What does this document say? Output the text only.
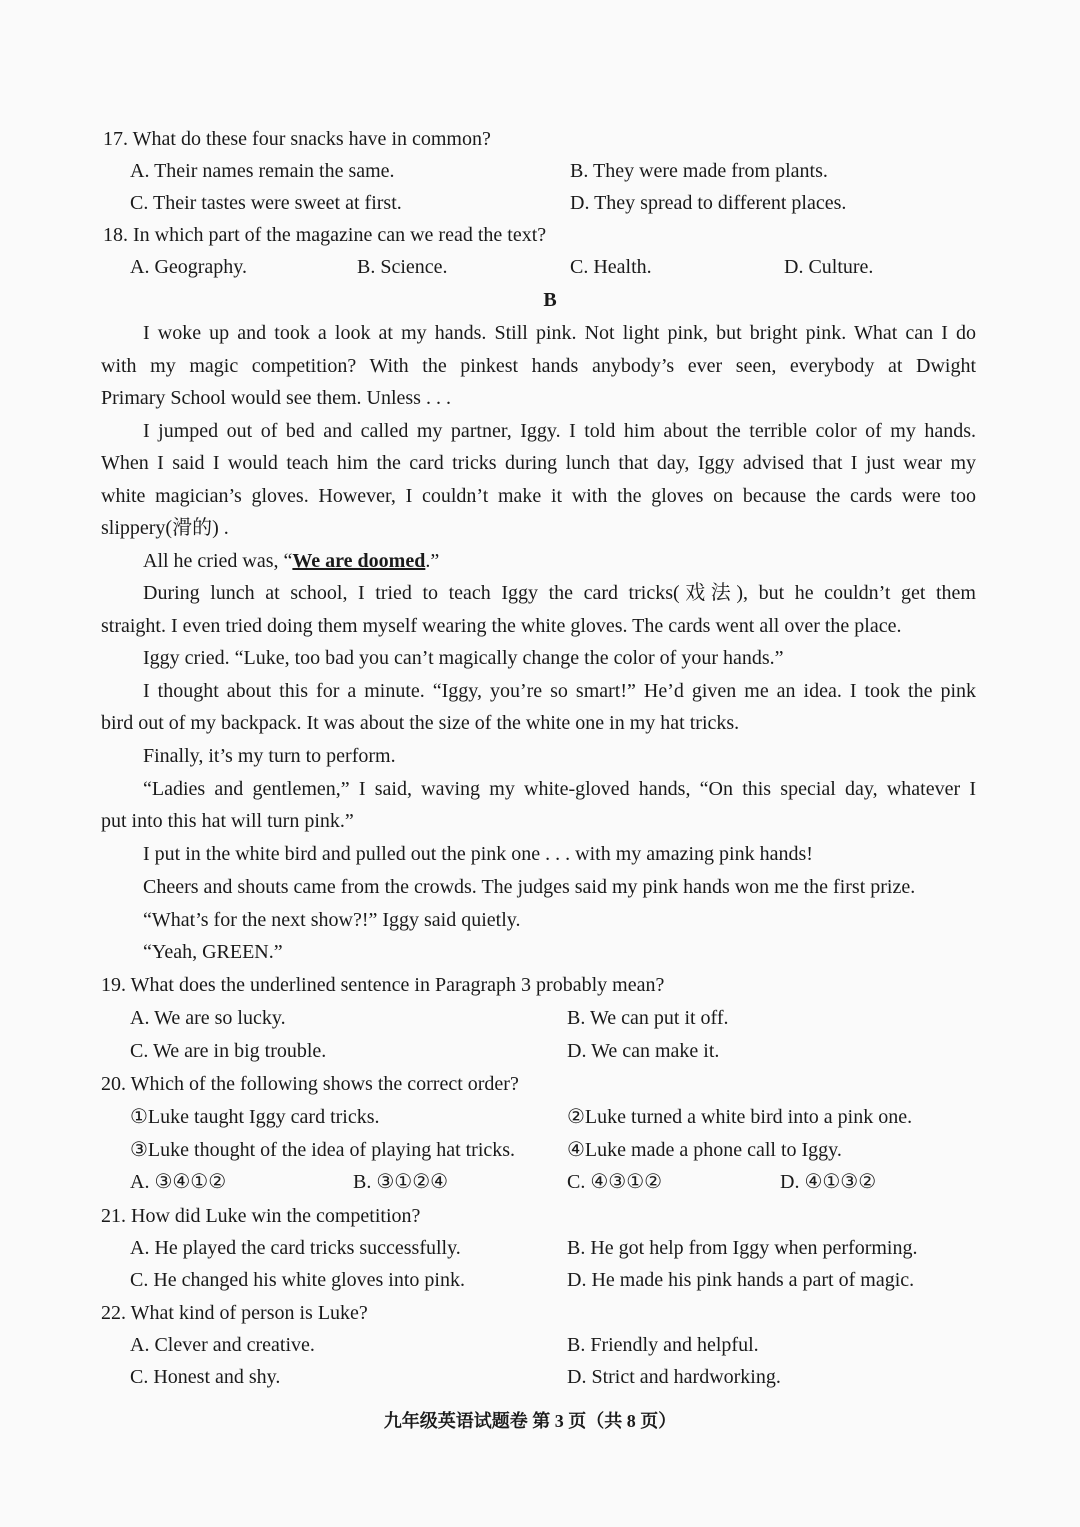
17. What do these four snacks have in common?
A. Their names remain the same.	B. They were made from plants.
C. Their tastes were sweet at first.	D. They spread to different places.
18. In which part of the magazine can we read the text?
A. Geography.	B. Science.	C. Health.	D. Culture.
B
I woke up and took a look at my hands. Still pink. Not light pink, but bright pink. What can I do
with my magic competition? With the pinkest hands anybody’s ever seen, everybody at Dwight
Primary School would see them. Unless . . .
I jumped out of bed and called my partner, Iggy. I told him about the terrible color of my hands.
When I said I would teach him the card tricks during lunch that day, Iggy advised that I just wear my
white magician’s gloves. However, I couldn’t make it with the gloves on because the cards were too
slippery(滑的) .
All he cried was, “We are doomed.”
During lunch at school, I tried to teach Iggy the card tricks(戏法), but he couldn’t get them
straight. I even tried doing them myself wearing the white gloves. The cards went all over the place.
Iggy cried. “Luke, too bad you can’t magically change the color of your hands.”
I thought about this for a minute. “Iggy, you’re so smart!” He’d given me an idea. I took the pink
bird out of my backpack. It was about the size of the white one in my hat tricks.
Finally, it’s my turn to perform.
“Ladies and gentlemen,” I said, waving my white-gloved hands, “On this special day, whatever I
put into this hat will turn pink.”
I put in the white bird and pulled out the pink one . . . with my amazing pink hands!
Cheers and shouts came from the crowds. The judges said my pink hands won me the first prize.
“What’s for the next show?!” Iggy said quietly.
“Yeah, GREEN.”
19. What does the underlined sentence in Paragraph 3 probably mean?
A. We are so lucky.	B. We can put it off.
C. We are in big trouble.	D. We can make it.
20. Which of the following shows the correct order?
①Luke taught Iggy card tricks.	②Luke turned a white bird into a pink one.
③Luke thought of the idea of playing hat tricks.	④Luke made a phone call to Iggy.
A. ③④①②	B. ③①②④	C. ④③①②	D. ④①③②
21. How did Luke win the competition?
A. He played the card tricks successfully.	B. He got help from Iggy when performing.
C. He changed his white gloves into pink.	D. He made his pink hands a part of magic.
22. What kind of person is Luke?
A. Clever and creative.	B. Friendly and helpful.
C. Honest and shy.	D. Strict and hardworking.
九年级英语试题卷 第 3 页（共 8 页）
